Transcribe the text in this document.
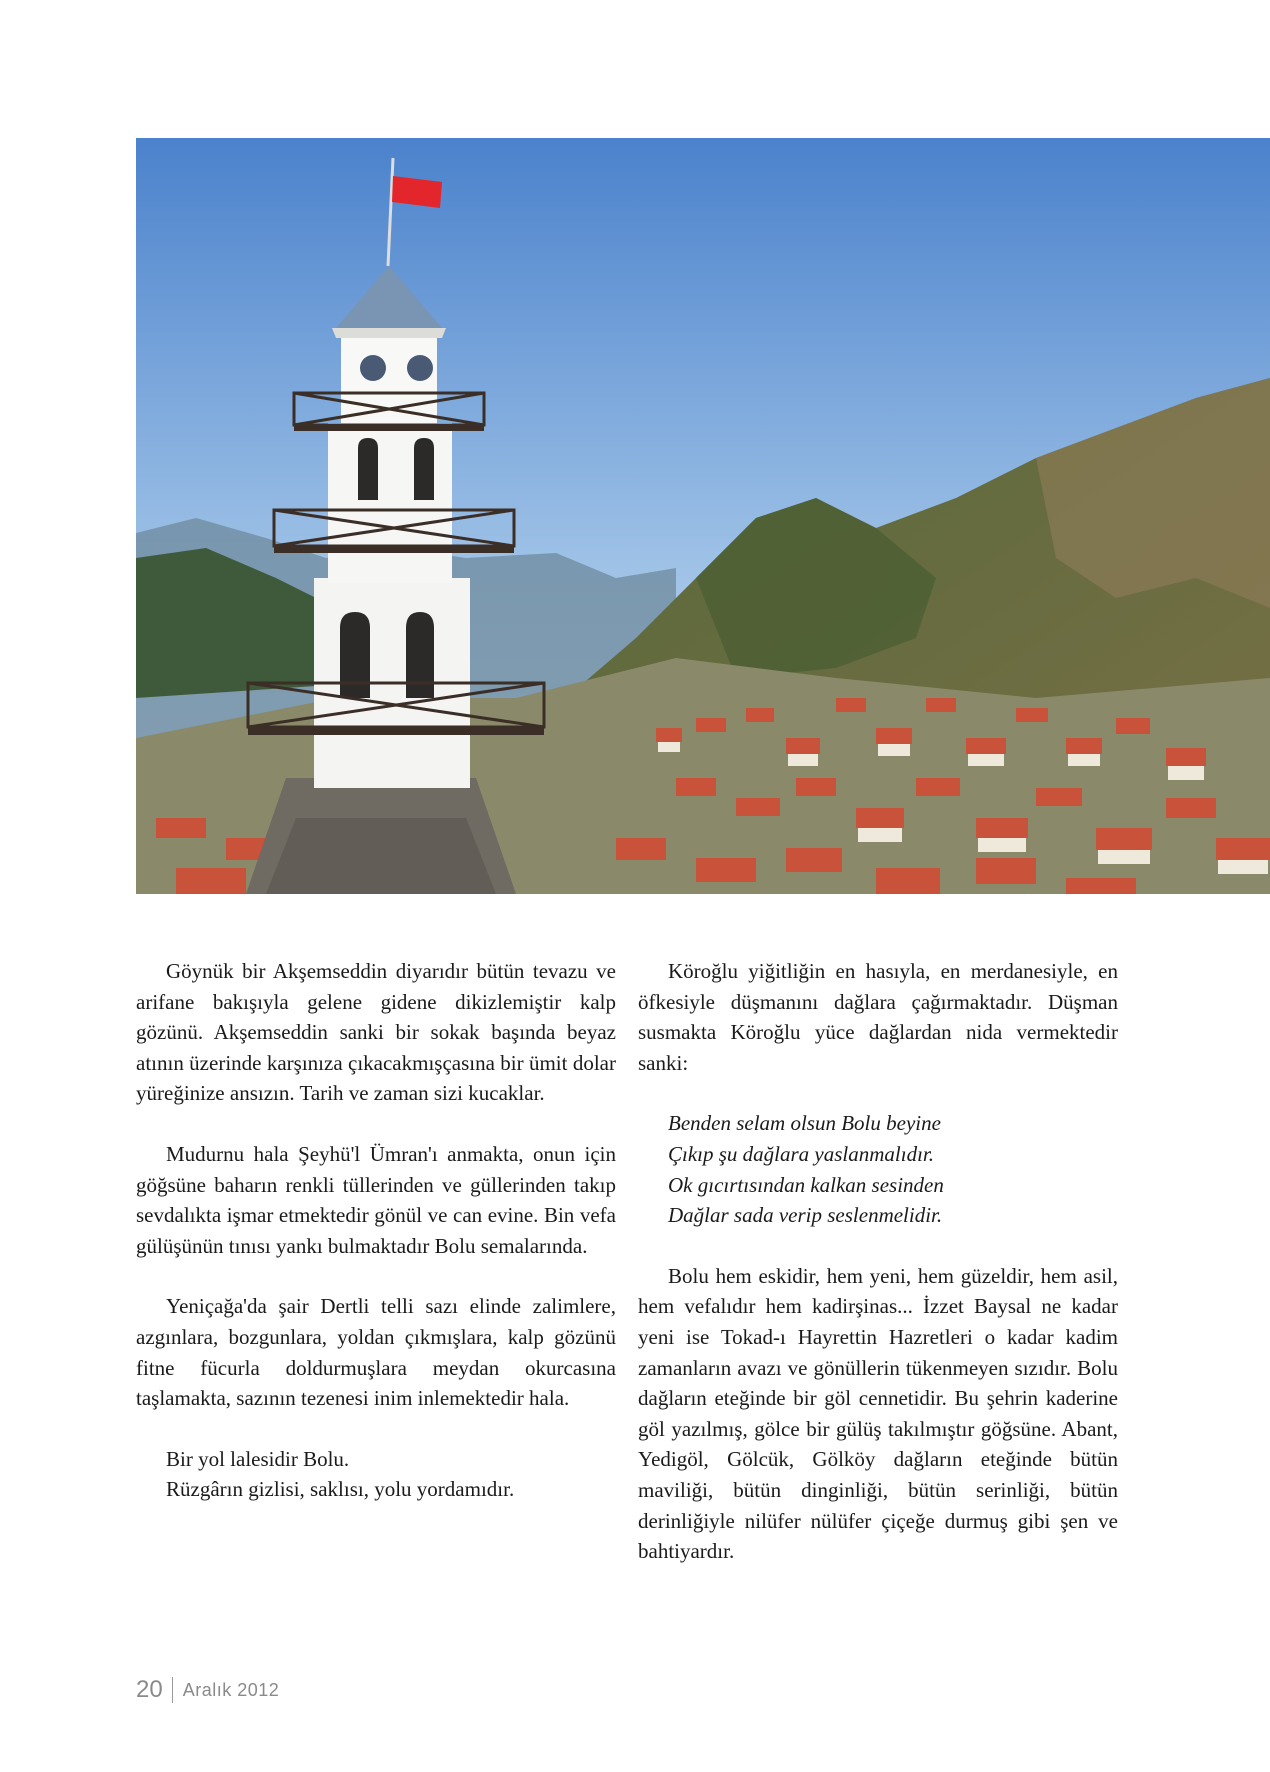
Göynük bir Akşemseddin diyarıdır bütün tevazu ve arifane bakışıyla gelene gidene dikizlemiştir kalp gözünü. Akşemseddin sanki bir sokak başında beyaz atının üzerinde karşınıza çıkacakmışçasına bir ümit dolar yüreğinize ansızın. Tarih ve zaman sizi kucaklar.

Mudurnu hala Şeyhü'l Ümran'ı anmakta, onun için göğsüne baharın renkli tüllerinden ve güllerinden takıp sevdalıkta işmar etmektedir gönül ve can evine. Bin vefa gülüşünün tınısı yankı bulmaktadır Bolu semalarında.

Yeniçağa'da şair Dertli telli sazı elinde zalimlere, azgınlara, bozgunlara, yoldan çıkmışlara, kalp gözünü fitne fücurla doldurmuşlara meydan okurcasına taşlamakta, sazının tezenesi inim inlemektedir hala.

Bir yol lalesidir Bolu.
Rüzgârın gizlisi, saklısı, yolu yordamıdır.

Köroğlu yiğitliğin en hasıyla, en merdanesiyle, en öfkesiyle düşmanını dağlara çağırmaktadır. Düşman susmakta Köroğlu yüce dağlardan nida vermektedir sanki:

Benden selam olsun Bolu beyine
Çıkıp şu dağlara yaslanmalıdır.
Ok gıcırtısından kalkan sesinden
Dağlar sada verip seslenmelidir.

Bolu hem eskidir, hem yeni, hem güzeldir, hem asil, hem vefalıdır hem kadirşinas... İzzet Baysal ne kadar yeni ise Tokad-ı Hayrettin Hazretleri o kadar kadim zamanların avazı ve gönüllerin tükenmeyen sızıdır. Bolu dağların eteğinde bir göl cennetidir. Bu şehrin kaderine göl yazılmış, gölce bir gülüş takılmıştır göğsüne. Abant, Yedigöl, Gölcük, Gölköy dağların eteğinde bütün maviliği, bütün dinginliği, bütün serinliği, bütün derinliğiyle nilüfer nülüfer çiçeğe durmuş gibi şen ve bahtiyardır.

20 Aralık 2012
